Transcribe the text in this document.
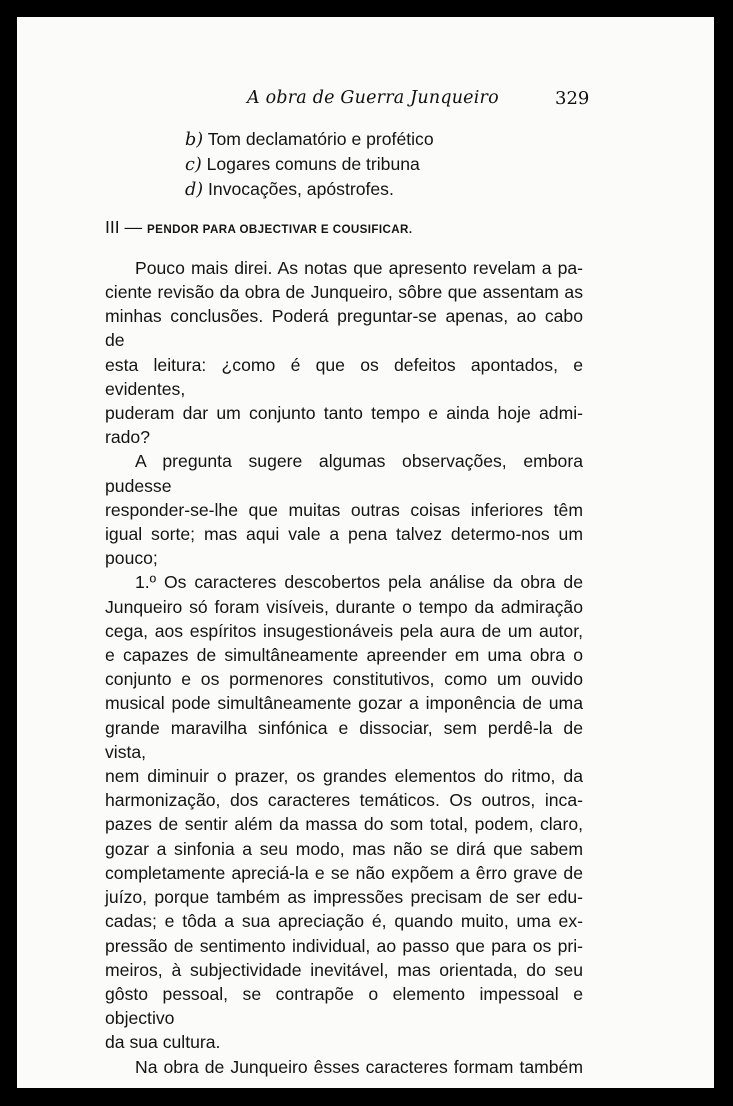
A obra de Guerra Junqueiro	329
b) Tom declamatório e profético
c) Logares comuns de tribuna
d) Invocações, apóstrofes.
III — PENDOR PARA OBJECTIVAR E COUSIFICAR.

Pouco mais direi. As notas que apresento revelam a pa-

ciente revisão da obra de Junqueiro, sôbre que assentam as

minhas conclusões. Poderá preguntar-se apenas, ao cabo de

esta leitura: ¿como é que os defeitos apontados, e evidentes,

puderam dar um conjunto tanto tempo e ainda hoje admi-

rado?

A pregunta sugere algumas observações, embora pudesse

responder-se-lhe que muitas outras coisas inferiores têm

igual sorte; mas aqui vale a pena talvez determo-nos um

pouco;

1.º Os caracteres descobertos pela análise da obra de

Junqueiro só foram visíveis, durante o tempo da admiração

cega, aos espíritos insugestionáveis pela aura de um autor,

e capazes de simultâneamente apreender em uma obra o

conjunto e os pormenores constitutivos, como um ouvido

musical pode simultâneamente gozar a imponência de uma

grande maravilha sinfónica e dissociar, sem perdê-la de vista,

nem diminuir o prazer, os grandes elementos do ritmo, da

harmonização, dos caracteres temáticos. Os outros, inca-

pazes de sentir além da massa do som total, podem, claro,

gozar a sinfonia a seu modo, mas não se dirá que sabem

completamente apreciá-la e se não expõem a êrro grave de

juízo, porque também as impressões precisam de ser edu-

cadas; e tôda a sua apreciação é, quando muito, uma ex-

pressão de sentimento individual, ao passo que para os pri-

meiros, à subjectividade inevitável, mas orientada, do seu

gôsto pessoal, se contrapõe o elemento impessoal e objectivo

da sua cultura.

Na obra de Junqueiro êsses caracteres formam também
